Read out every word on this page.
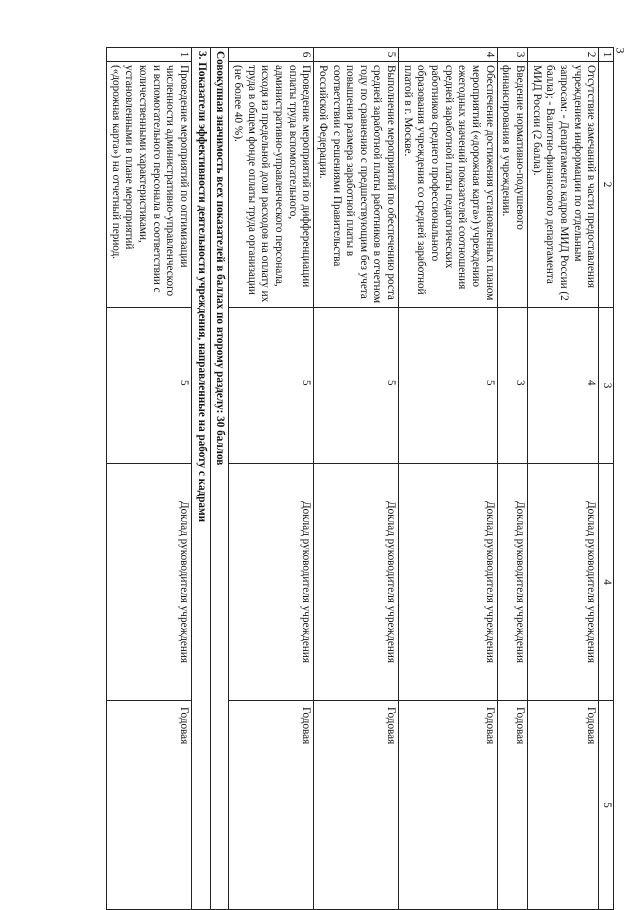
3
1	2	3	4	5
2	Отсутствие замечаний в части предоставления учреждением информации по отдельным запросам: - Департамента кадров МИД России (2 балла); - Валютно-финансового департамента МИД России (2 балла).	4	Доклад руководителя учреждения	Годовая
3	Введение нормативно-подушевого финансирования в учреждении.	3	Доклад руководителя учреждения	Годовая
4	Обеспечение достижения установленных планом мероприятий («дорожная карта») учреждению ежегодных значений показателей соотношения средней заработной платы педагогических работников среднего профессионального образования учреждения со средней заработной платой в г. Москве.	5	Доклад руководителя учреждения	Годовая
5	Выполнение мероприятий по обеспечению роста средней заработной платы работников в отчетном году по сравнению с предшествующим без учета повышения размера заработной платы в соответствии с решениями Правительства Российской Федерации.	5	Доклад руководителя учреждения	Годовая
6	Проведение мероприятий по дифференциации оплаты труда вспомогательного, административно-управленческого персонала, исходя из предельной доли расходов на оплату их труда в общем фонде оплаты труда организации (не более 40 %).	5	Доклад руководителя учреждения	Годовая
Совокупная значимость всех показателей в баллах по второму разделу: 30 баллов				
3. Показатели эффективности деятельности учреждения, направленные на работу с кадрами				
1	Проведение мероприятий по оптимизации численности административно-управленческого и вспомогательного персонала в соответствии с количественными характеристиками, установленными в плане мероприятий («дорожная карта») на отчетный период.	5	Доклад руководителя учреждения	Годовая
